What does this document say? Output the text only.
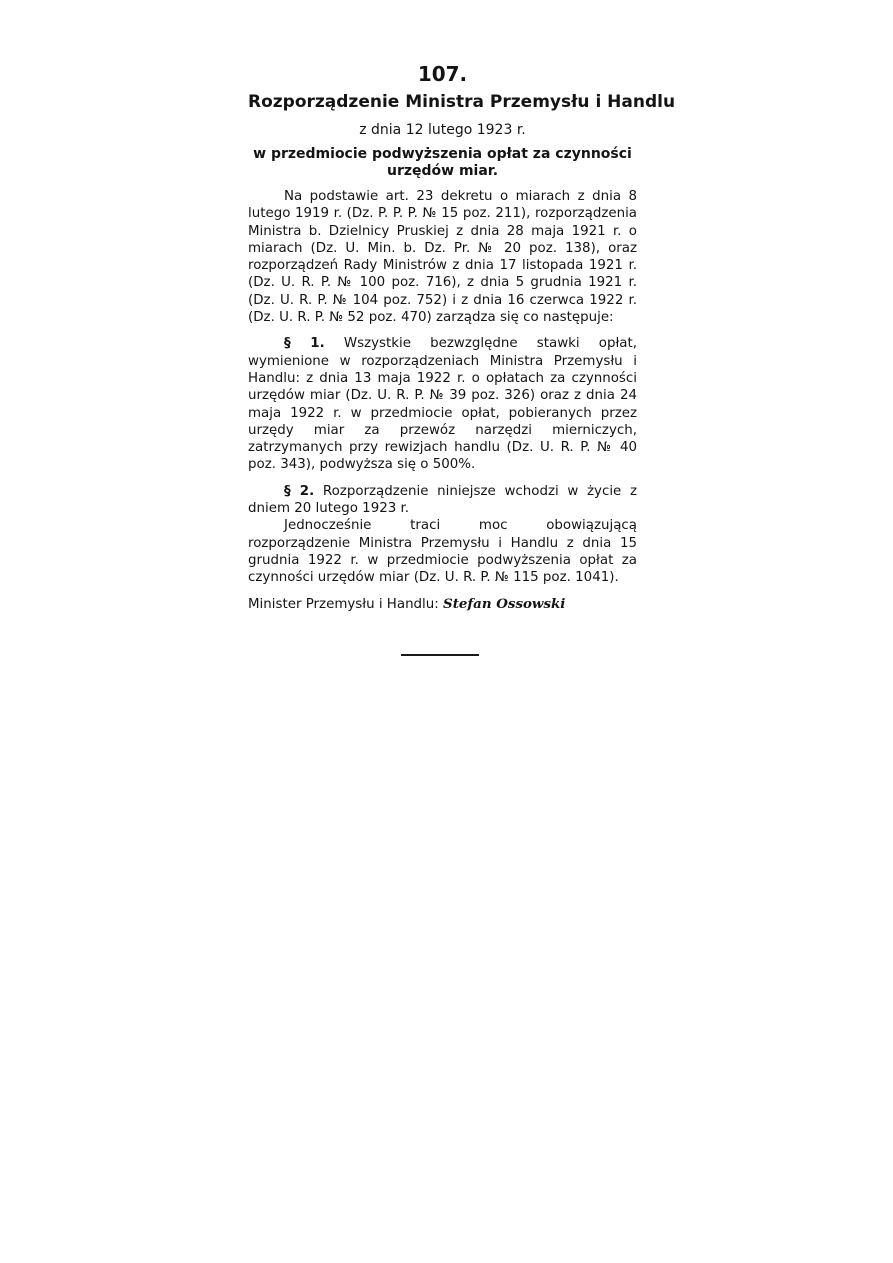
107.

Rozporządzenie Ministra Przemysłu i Handlu

z dnia 12 lutego 1923 r.

w przedmiocie podwyższenia opłat za czynności urzędów miar.

Na podstawie art. 23 dekretu o miarach z dnia 8 lutego 1919 r. (Dz. P. P. P. № 15 poz. 211), rozporządzenia Ministra b. Dzielnicy Pruskiej z dnia 28 maja 1921 r. o miarach (Dz. U. Min. b. Dz. Pr. № 20 poz. 138), oraz rozporządzeń Rady Ministrów z dnia 17 listopada 1921 r. (Dz. U. R. P. № 100 poz. 716), z dnia 5 grudnia 1921 r. (Dz. U. R. P. № 104 poz. 752) i z dnia 16 czerwca 1922 r. (Dz. U. R. P. № 52 poz. 470) zarządza się co następuje:

§ 1. Wszystkie bezwzględne stawki opłat, wymienione w rozporządzeniach Ministra Przemysłu i Handlu: z dnia 13 maja 1922 r. o opłatach za czynności urzędów miar (Dz. U. R. P. № 39 poz. 326) oraz z dnia 24 maja 1922 r. w przedmiocie opłat, pobieranych przez urzędy miar za przewóz narzędzi mierniczych, zatrzymanych przy rewizjach handlu (Dz. U. R. P. № 40 poz. 343), podwyższa się o 500%.

§ 2. Rozporządzenie niniejsze wchodzi w życie z dniem 20 lutego 1923 r.

Jednocześnie traci moc obowiązującą rozporządzenie Ministra Przemysłu i Handlu z dnia 15 grudnia 1922 r. w przedmiocie podwyższenia opłat za czynności urzędów miar (Dz. U. R. P. № 115 poz. 1041).

Minister Przemysłu i Handlu: Stefan Ossowski
